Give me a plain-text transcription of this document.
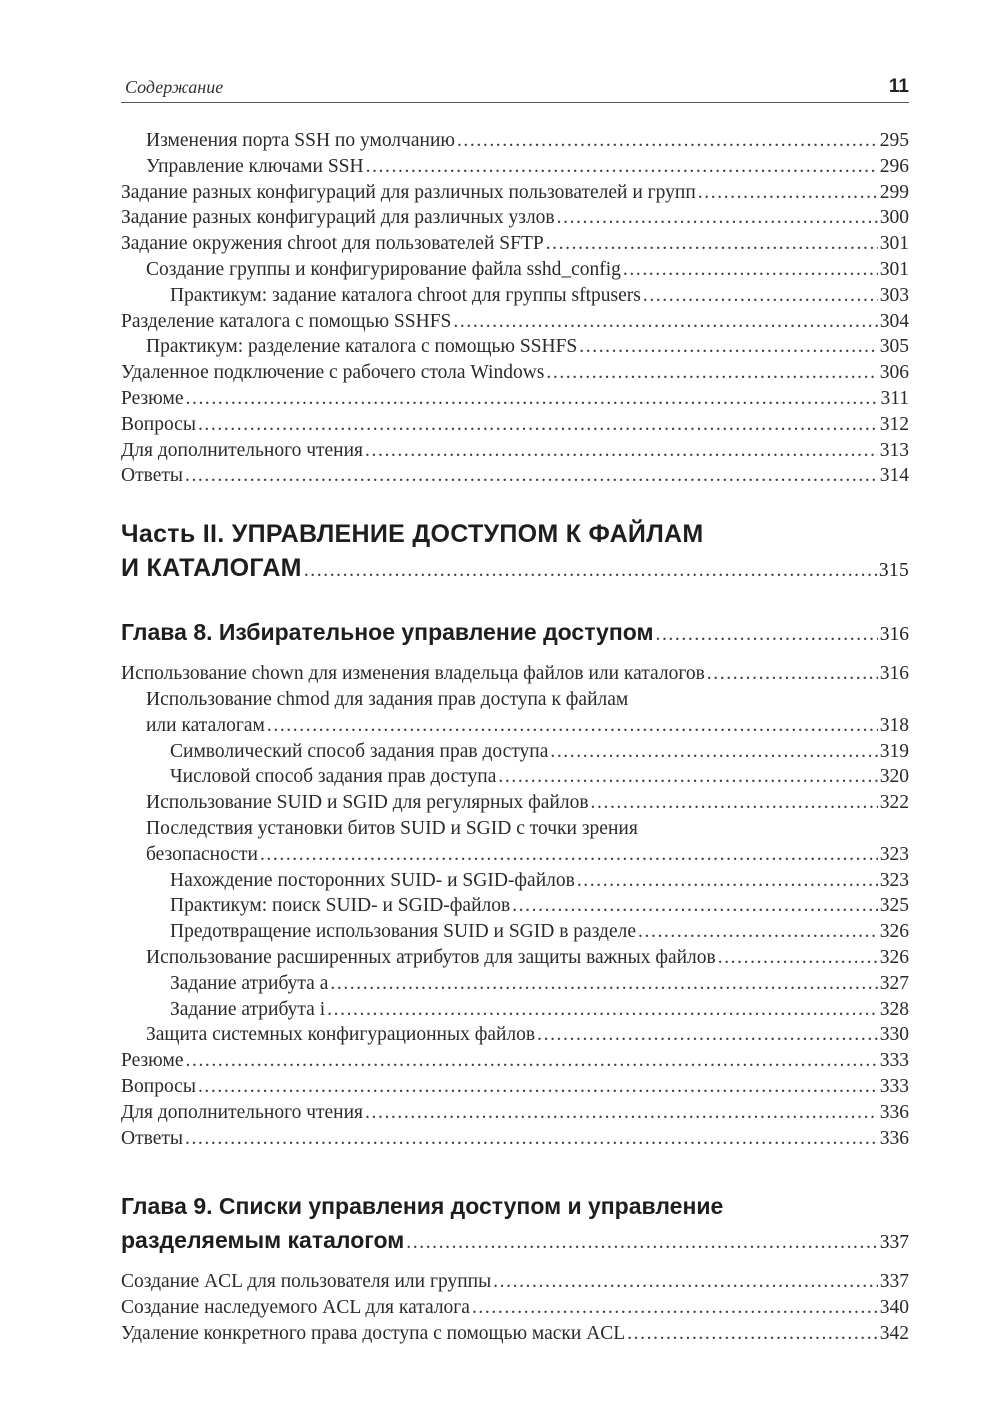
Содержание	11
Изменения порта SSH по умолчанию .....	295
Управление ключами SSH .....	296
Задание разных конфигураций для различных пользователей и групп .....	299
Задание разных конфигураций для различных узлов .....	300
Задание окружения chroot для пользователей SFTP .....	301
Создание группы и конфигурирование файла sshd_config .....	301
Практикум: задание каталога chroot для группы sftpusers .....	303
Разделение каталога с помощью SSHFS .....	304
Практикум: разделение каталога с помощью SSHFS .....	305
Удаленное подключение с рабочего стола Windows .....	306
Резюме .....	311
Вопросы .....	312
Для дополнительного чтения .....	313
Ответы .....	314
Часть II. УПРАВЛЕНИЕ ДОСТУПОМ К ФАЙЛАМ
И КАТАЛОГАМ .....	315
Глава 8. Избирательное управление доступом .....	316
Использование chown для изменения владельца файлов или каталогов .....	316
Использование chmod для задания прав доступа к файлам
или каталогам .....	318
Символический способ задания прав доступа .....	319
Числовой способ задания прав доступа .....	320
Использование SUID и SGID для регулярных файлов .....	322
Последствия установки битов SUID и SGID с точки зрения
безопасности .....	323
Нахождение посторонних SUID- и SGID-файлов .....	323
Практикум: поиск SUID- и SGID-файлов .....	325
Предотвращение использования SUID и SGID в разделе .....	326
Использование расширенных атрибутов для защиты важных файлов .....	326
Задание атрибута a .....	327
Задание атрибута i .....	328
Защита системных конфигурационных файлов .....	330
Резюме .....	333
Вопросы .....	333
Для дополнительного чтения .....	336
Ответы .....	336
Глава 9. Списки управления доступом и управление
разделяемым каталогом .....	337
Создание ACL для пользователя или группы .....	337
Создание наследуемого ACL для каталога .....	340
Удаление конкретного права доступа с помощью маски ACL .....	342
